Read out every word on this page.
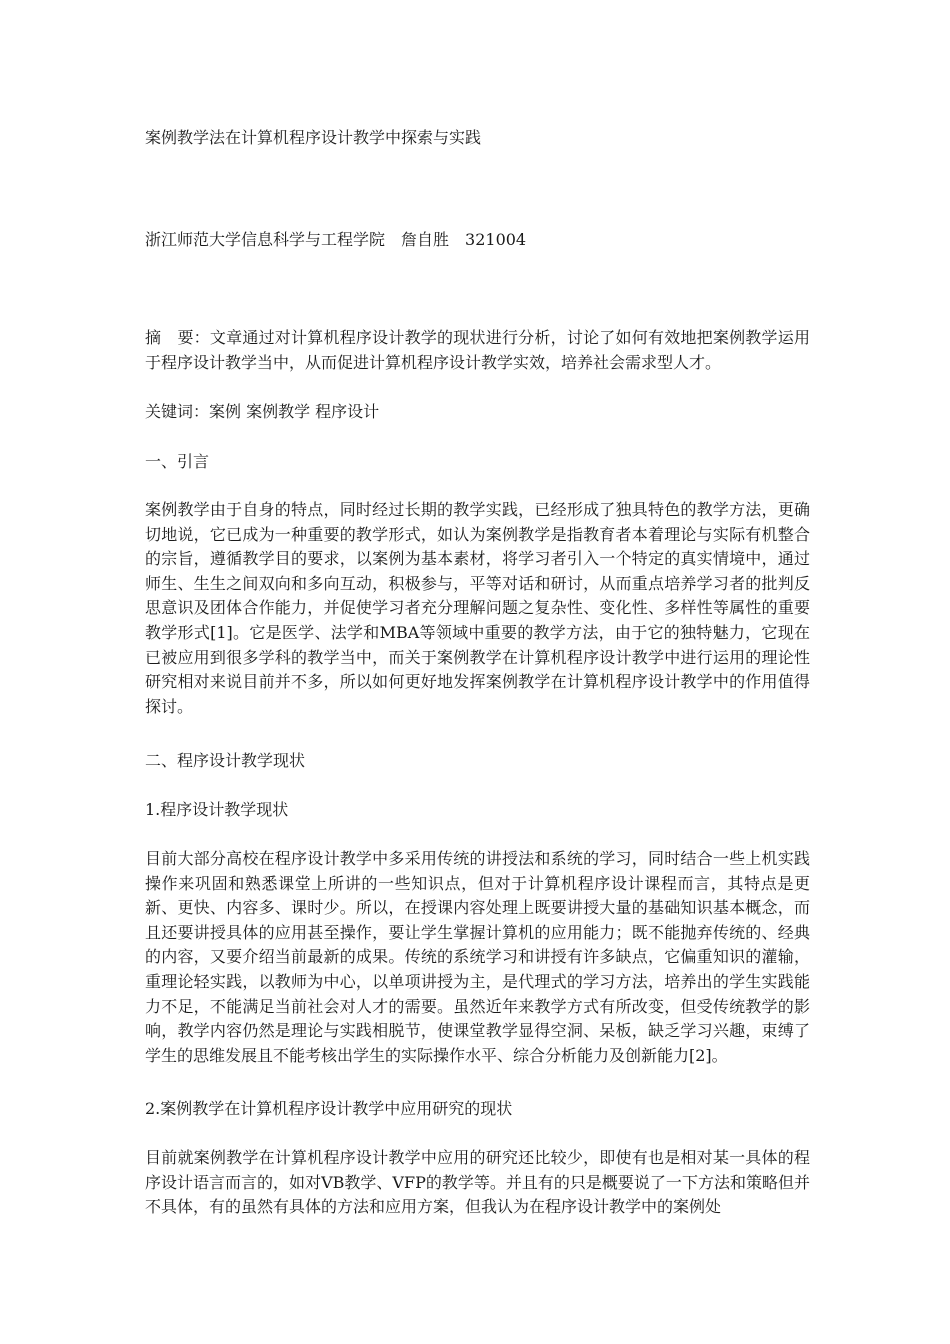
案例教学法在计算机程序设计教学中探索与实践

浙江师范大学信息科学与工程学院 詹自胜 321004

摘　要：文章通过对计算机程序设计教学的现状进行分析，讨论了如何有效地把案例教学运用于程序设计教学当中，从而促进计算机程序设计教学实效，培养社会需求型人才。

关键词：案例 案例教学 程序设计

一、引言

案例教学由于自身的特点，同时经过长期的教学实践，已经形成了独具特色的教学方法，更确切地说，它已成为一种重要的教学形式，如认为案例教学是指教育者本着理论与实际有机整合的宗旨，遵循教学目的要求，以案例为基本素材，将学习者引入一个特定的真实情境中，通过师生、生生之间双向和多向互动，积极参与，平等对话和研讨，从而重点培养学习者的批判反思意识及团体合作能力，并促使学习者充分理解问题之复杂性、变化性、多样性等属性的重要教学形式[1]。它是医学、法学和MBA等领域中重要的教学方法，由于它的独特魅力，它现在已被应用到很多学科的教学当中，而关于案例教学在计算机程序设计教学中进行运用的理论性研究相对来说目前并不多，所以如何更好地发挥案例教学在计算机程序设计教学中的作用值得探讨。

二、程序设计教学现状

1.程序设计教学现状

目前大部分高校在程序设计教学中多采用传统的讲授法和系统的学习，同时结合一些上机实践操作来巩固和熟悉课堂上所讲的一些知识点，但对于计算机程序设计课程而言，其特点是更新、更快、内容多、课时少。所以，在授课内容处理上既要讲授大量的基础知识基本概念，而且还要讲授具体的应用甚至操作，要让学生掌握计算机的应用能力；既不能抛弃传统的、经典的内容，又要介绍当前最新的成果。传统的系统学习和讲授有许多缺点，它偏重知识的灌输，重理论轻实践，以教师为中心，以单项讲授为主，是代理式的学习方法，培养出的学生实践能力不足，不能满足当前社会对人才的需要。虽然近年来教学方式有所改变，但受传统教学的影响，教学内容仍然是理论与实践相脱节，使课堂教学显得空洞、呆板，缺乏学习兴趣，束缚了学生的思维发展且不能考核出学生的实际操作水平、综合分析能力及创新能力[2]。

2.案例教学在计算机程序设计教学中应用研究的现状

目前就案例教学在计算机程序设计教学中应用的研究还比较少，即使有也是相对某一具体的程序设计语言而言的，如对VB教学、VFP的教学等。并且有的只是概要说了一下方法和策略但并不具体，有的虽然有具体的方法和应用方案，但我认为在程序设计教学中的案例处
